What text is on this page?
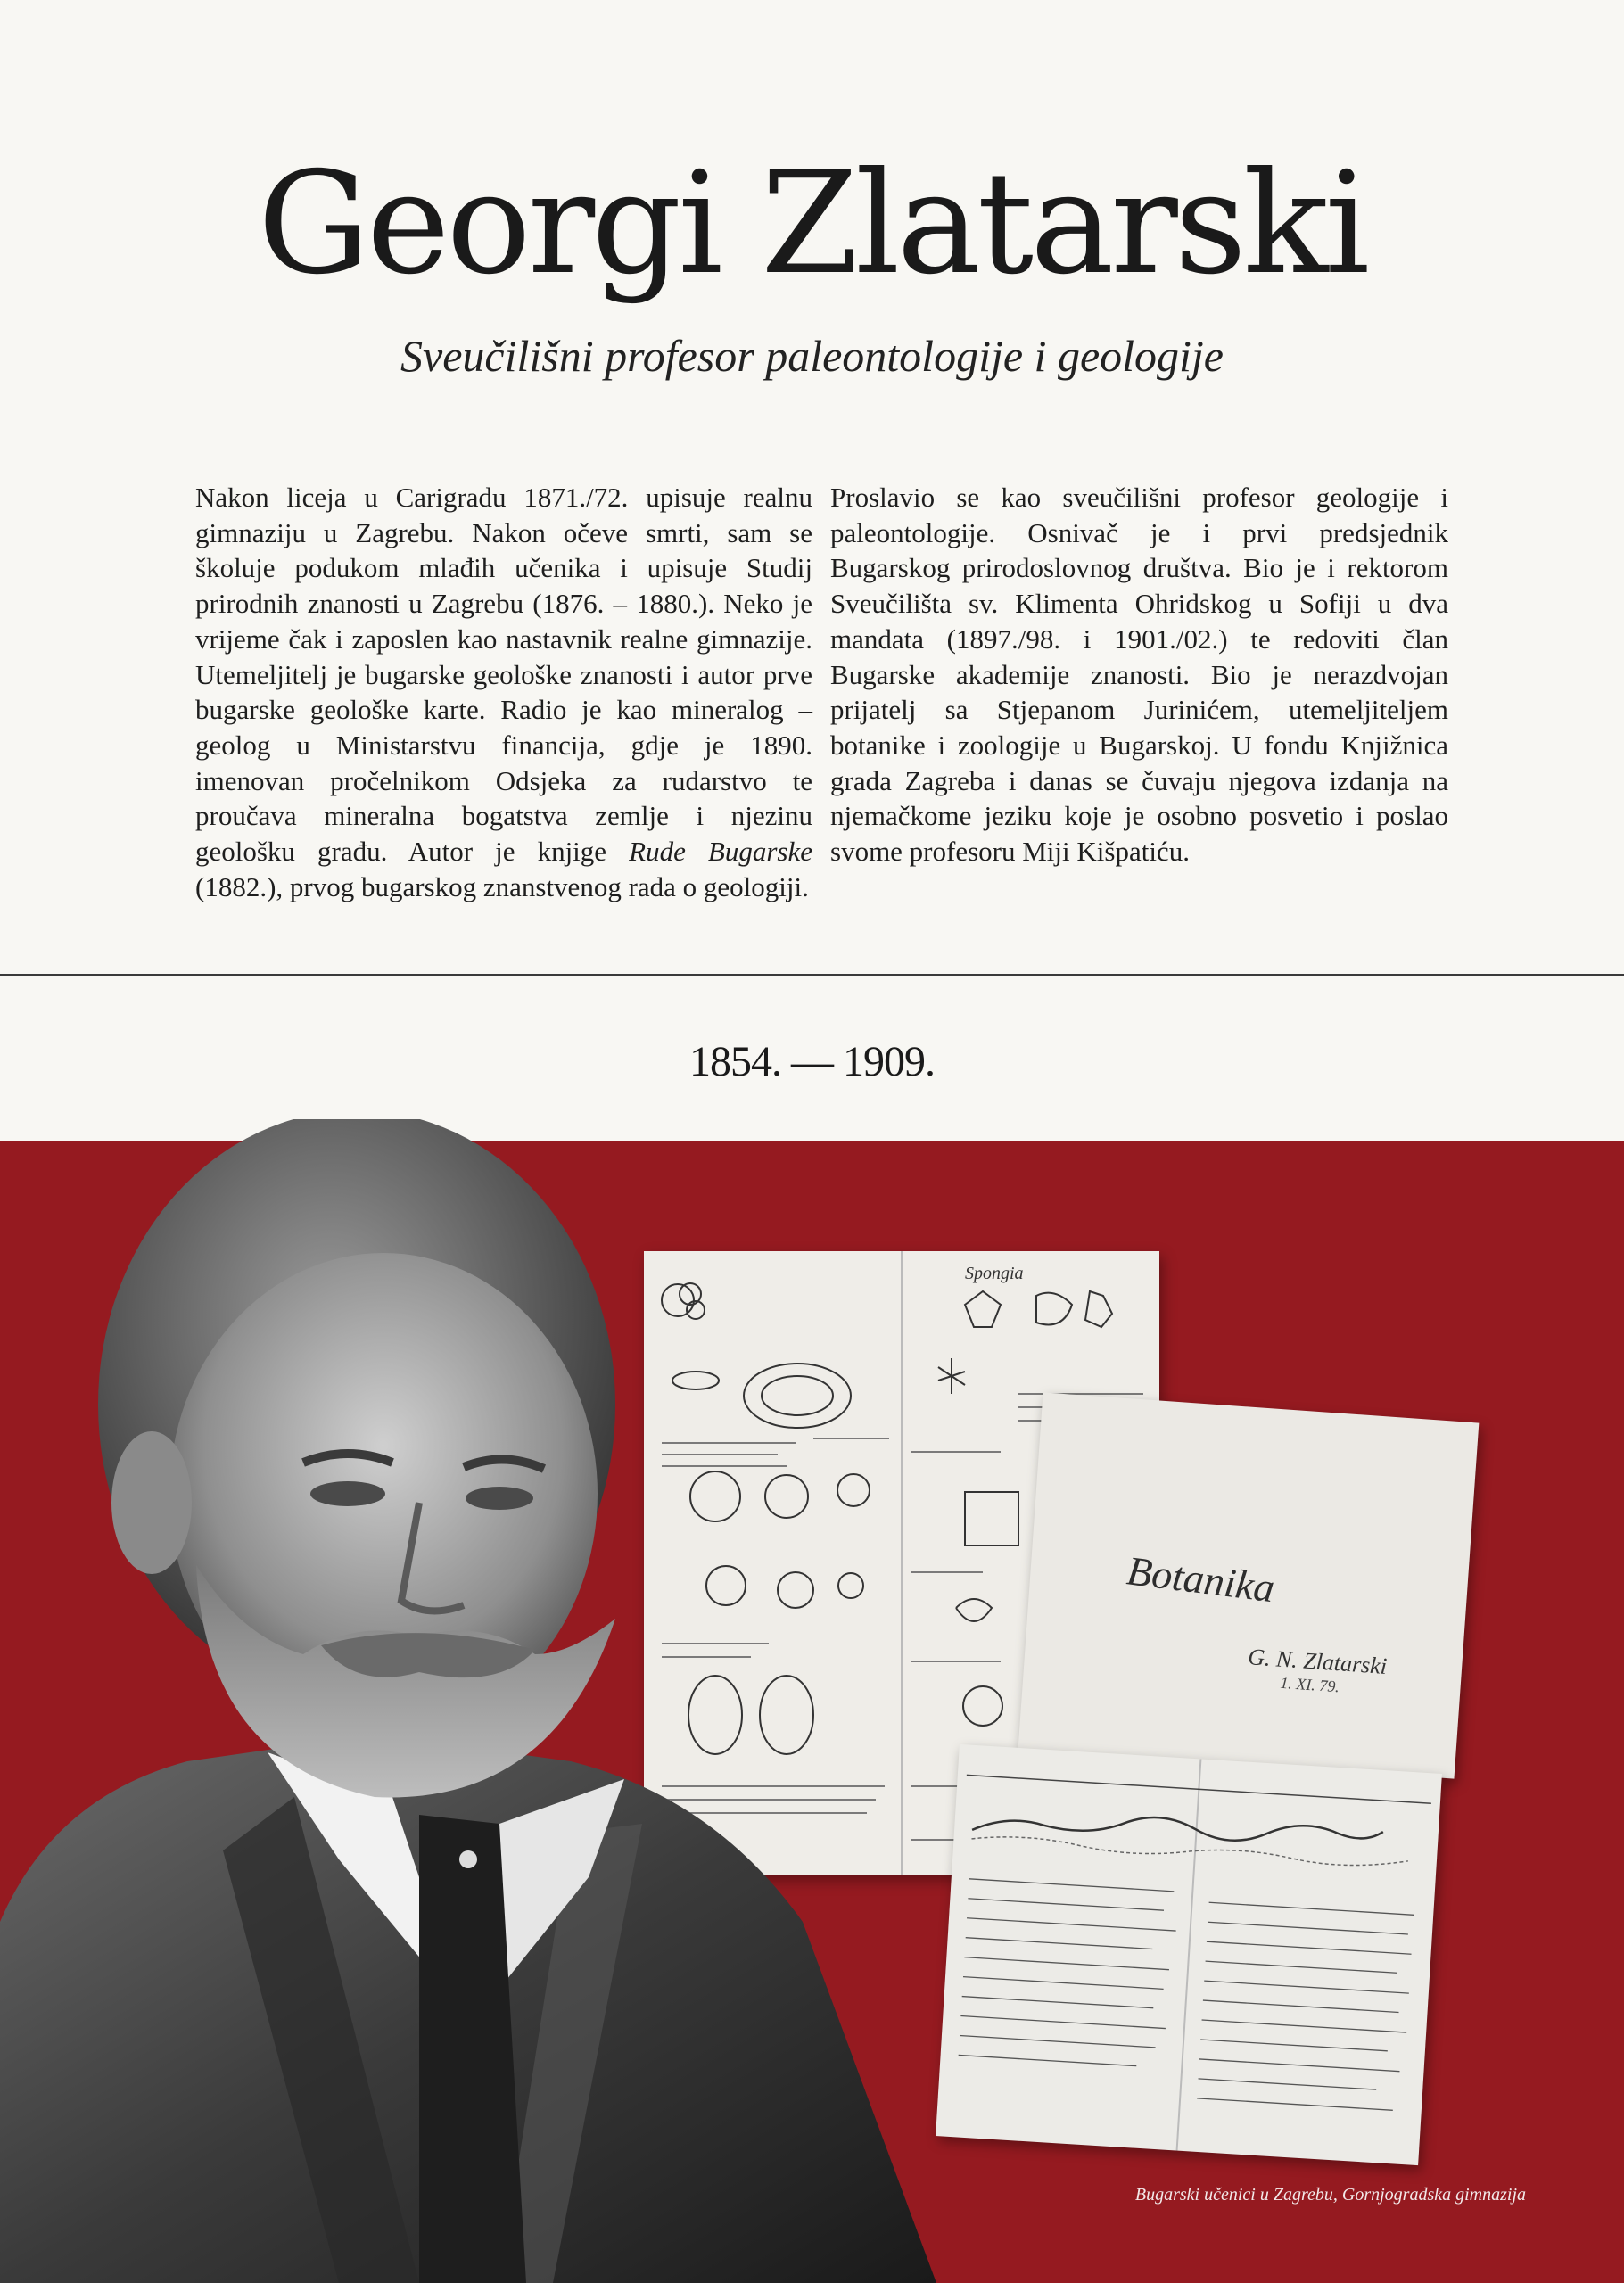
Georgi Zlatarski
Sveučilišni profesor paleontologije i geologije

Nakon liceja u Carigradu 1871./72. upisuje realnu gimnaziju u Zagrebu. Nakon očeve smrti, sam se školuje podukom mlađih učenika i upisuje Studij prirodnih znanosti u Zagrebu (1876. – 1880.). Neko je vrijeme čak i zaposlen kao nastavnik realne gimnazije. Utemeljitelj je bugarske geološke znanosti i autor prve bugarske geološke karte. Radio je kao mineralog – geolog u Ministarstvu financija, gdje je 1890. imenovan pročelnikom Odsjeka za rudarstvo te proučava mineralna bogatstva zemlje i njezinu geološku građu. Autor je knjige Rude Bugarske (1882.), prvog bugarskog znanstvenog rada o geologiji.

Proslavio se kao sveučilišni profesor geologije i paleontologije. Osnivač je i prvi predsjednik Bugarskog prirodoslovnog društva. Bio je i rektorom Sveučilišta sv. Klimenta Ohridskog u Sofiji u dva mandata (1897./98. i 1901./02.) te redoviti član Bugarske akademije znanosti. Bio je nerazdvojan prijatelj sa Stjepanom Jurinićem, utemeljiteljem botanike i zoologije u Bugarskoj. U fondu Knjižnica grada Zagreba i danas se čuvaju njegova izdanja na njemačkome jeziku koje je osobno posvetio i poslao svome profesoru Miji Kišpatiću.

1854. — 1909.
Spongia
Botanika
G. N. Zlatarski
1. XI. 79.
Bugarski učenici u Zagrebu, Gornjogradska gimnazija
